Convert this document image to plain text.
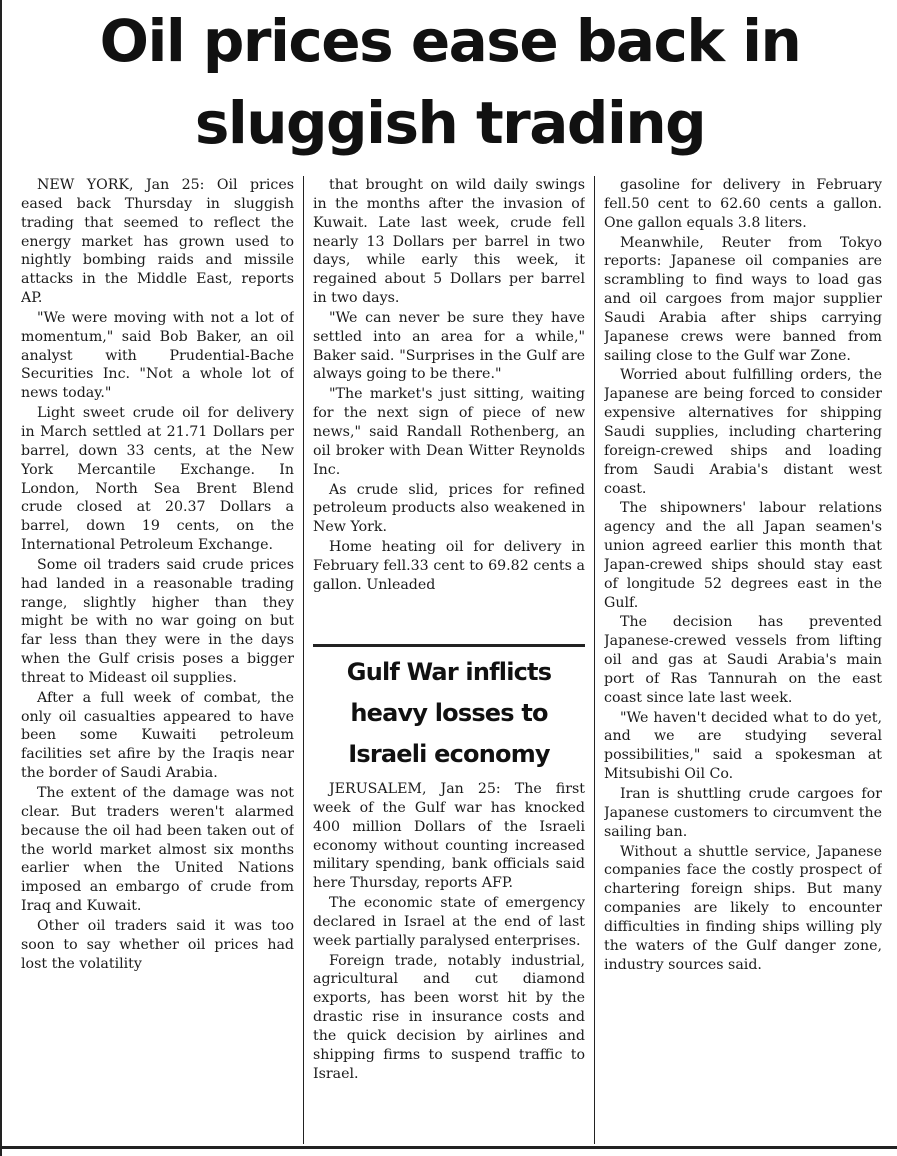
Oil prices ease back in sluggish trading

NEW YORK, Jan 25: Oil prices eased back Thursday in sluggish trading that seemed to reflect the energy market has grown used to nightly bombing raids and missile attacks in the Middle East, reports AP.

"We were moving with not a lot of momentum," said Bob Baker, an oil analyst with Prudential-Bache Securities Inc. "Not a whole lot of news today."

Light sweet crude oil for delivery in March settled at 21.71 Dollars per barrel, down 33 cents, at the New York Mercantile Exchange. In London, North Sea Brent Blend crude closed at 20.37 Dollars a barrel, down 19 cents, on the International Petroleum Exchange.

Some oil traders said crude prices had landed in a reasonable trading range, slightly higher than they might be with no war going on but far less than they were in the days when the Gulf crisis poses a bigger threat to Mideast oil supplies.

After a full week of combat, the only oil casualties appeared to have been some Kuwaiti petroleum facilities set afire by the Iraqis near the border of Saudi Arabia.

The extent of the damage was not clear. But traders weren't alarmed because the oil had been taken out of the world market almost six months earlier when the United Nations imposed an embargo of crude from Iraq and Kuwait.

Other oil traders said it was too soon to say whether oil prices had lost the volatility

that brought on wild daily swings in the months after the invasion of Kuwait. Late last week, crude fell nearly 13 Dollars per barrel in two days, while early this week, it regained about 5 Dollars per barrel in two days.

"We can never be sure they have settled into an area for a while," Baker said. "Surprises in the Gulf are always going to be there."

"The market's just sitting, waiting for the next sign of piece of new news," said Randall Rothenberg, an oil broker with Dean Witter Reynolds Inc.

As crude slid, prices for refined petroleum products also weakened in New York.

Home heating oil for delivery in February fell.33 cent to 69.82 cents a gallon. Unleaded

Gulf War inflicts heavy losses to Israeli economy

JERUSALEM, Jan 25: The first week of the Gulf war has knocked 400 million Dollars of the Israeli economy without counting increased military spending, bank officials said here Thursday, reports AFP.

The economic state of emergency declared in Israel at the end of last week partially paralysed enterprises.

Foreign trade, notably industrial, agricultural and cut diamond exports, has been worst hit by the drastic rise in insurance costs and the quick decision by airlines and shipping firms to suspend traffic to Israel.

gasoline for delivery in February fell.50 cent to 62.60 cents a gallon. One gallon equals 3.8 liters.

Meanwhile, Reuter from Tokyo reports: Japanese oil companies are scrambling to find ways to load gas and oil cargoes from major supplier Saudi Arabia after ships carrying Japanese crews were banned from sailing close to the Gulf war Zone.

Worried about fulfilling orders, the Japanese are being forced to consider expensive alternatives for shipping Saudi supplies, including chartering foreign-crewed ships and loading from Saudi Arabia's distant west coast.

The shipowners' labour relations agency and the all Japan seamen's union agreed earlier this month that Japan-crewed ships should stay east of longitude 52 degrees east in the Gulf.

The decision has prevented Japanese-crewed vessels from lifting oil and gas at Saudi Arabia's main port of Ras Tannurah on the east coast since late last week.

"We haven't decided what to do yet, and we are studying several possibilities," said a spokesman at Mitsubishi Oil Co.

Iran is shuttling crude cargoes for Japanese customers to circumvent the sailing ban.

Without a shuttle service, Japanese companies face the costly prospect of chartering foreign ships. But many companies are likely to encounter difficulties in finding ships willing ply the waters of the Gulf danger zone, industry sources said.
